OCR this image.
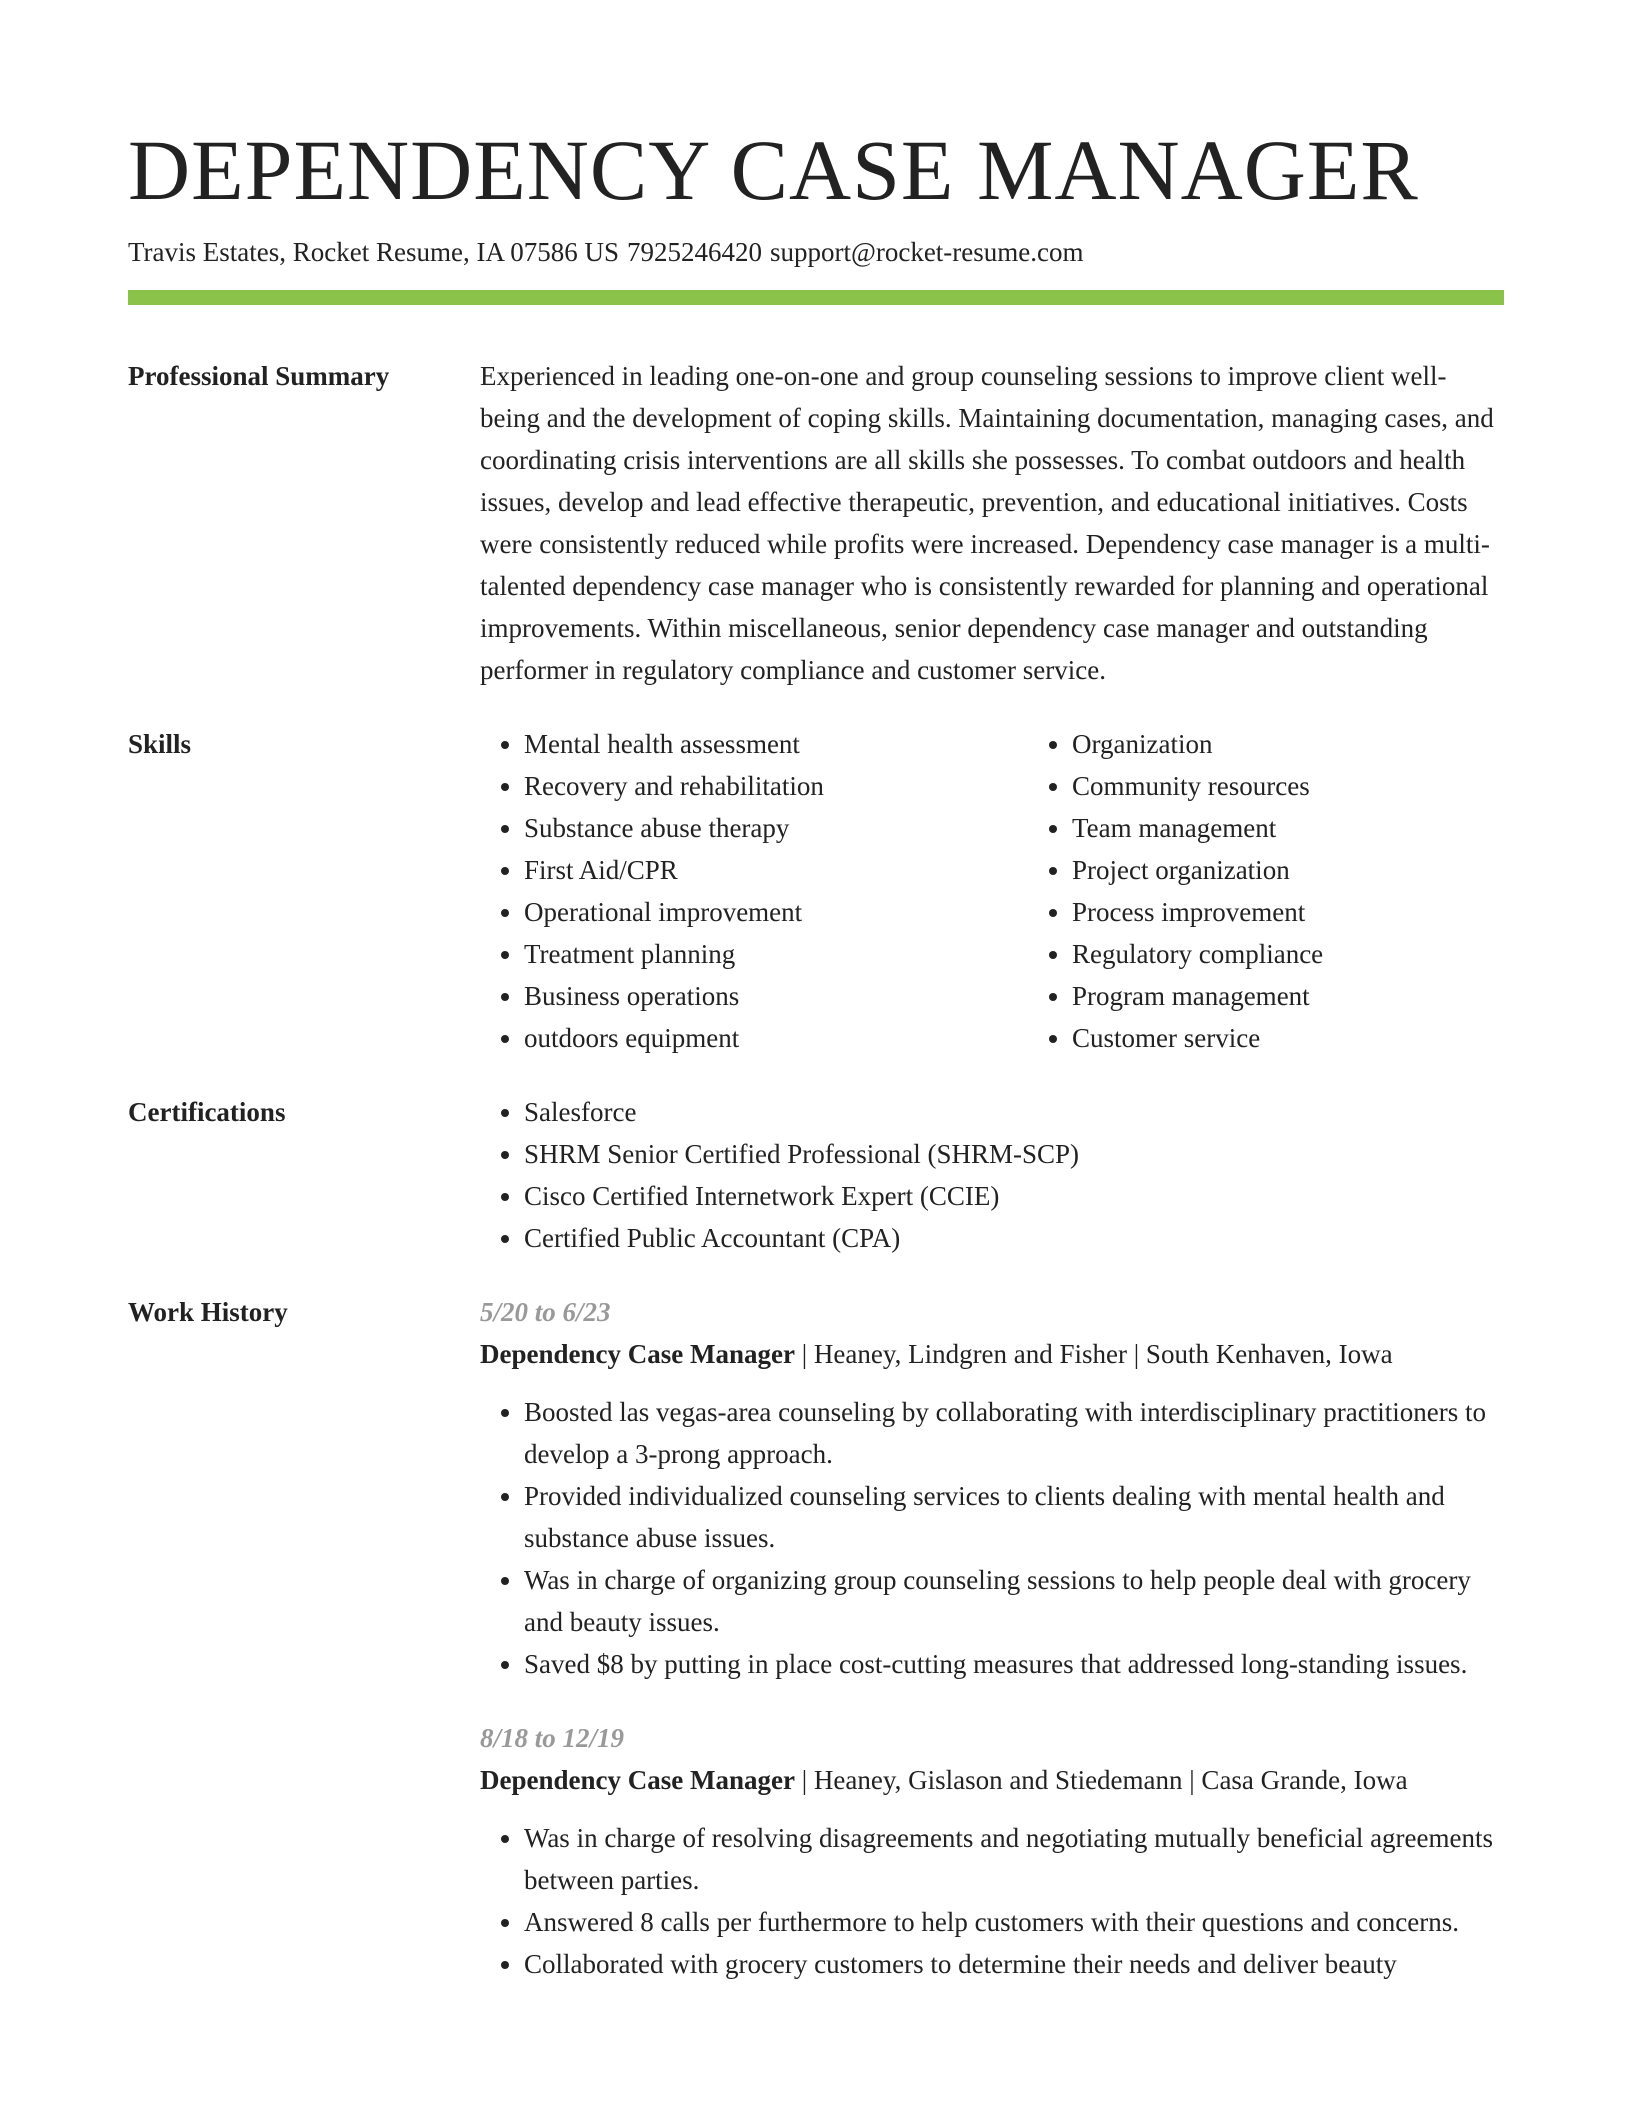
DEPENDENCY CASE MANAGER
Travis Estates, Rocket Resume, IA 07586 US 7925246420 support@rocket-resume.com
Professional Summary	Experienced in leading one-on-one and group counseling sessions to improve client well-being and the development of coping skills. Maintaining documentation, managing cases, and coordinating crisis interventions are all skills she possesses. To combat outdoors and health issues, develop and lead effective therapeutic, prevention, and educational initiatives. Costs were consistently reduced while profits were increased. Dependency case manager is a multi-talented dependency case manager who is consistently rewarded for planning and operational improvements. Within miscellaneous, senior dependency case manager and outstanding performer in regulatory compliance and customer service.

Skills	• Mental health assessment
• Recovery and rehabilitation
• Substance abuse therapy
• First Aid/CPR
• Operational improvement
• Treatment planning
• Business operations
• outdoors equipment
• Organization
• Community resources
• Team management
• Project organization
• Process improvement
• Regulatory compliance
• Program management
• Customer service
Certifications	• Salesforce
• SHRM Senior Certified Professional (SHRM-SCP)
• Cisco Certified Internetwork Expert (CCIE)
• Certified Public Accountant (CPA)
Work History	5/20 to 6/23
Dependency Case Manager | Heaney, Lindgren and Fisher | South Kenhaven, Iowa
• Boosted las vegas-area counseling by collaborating with interdisciplinary practitioners to develop a 3-prong approach.
• Provided individualized counseling services to clients dealing with mental health and substance abuse issues.
• Was in charge of organizing group counseling sessions to help people deal with grocery and beauty issues.
• Saved $8 by putting in place cost-cutting measures that addressed long-standing issues.
8/18 to 12/19
Dependency Case Manager | Heaney, Gislason and Stiedemann | Casa Grande, Iowa
• Was in charge of resolving disagreements and negotiating mutually beneficial agreements between parties.
• Answered 8 calls per furthermore to help customers with their questions and concerns.
• Collaborated with grocery customers to determine their needs and deliver beauty
